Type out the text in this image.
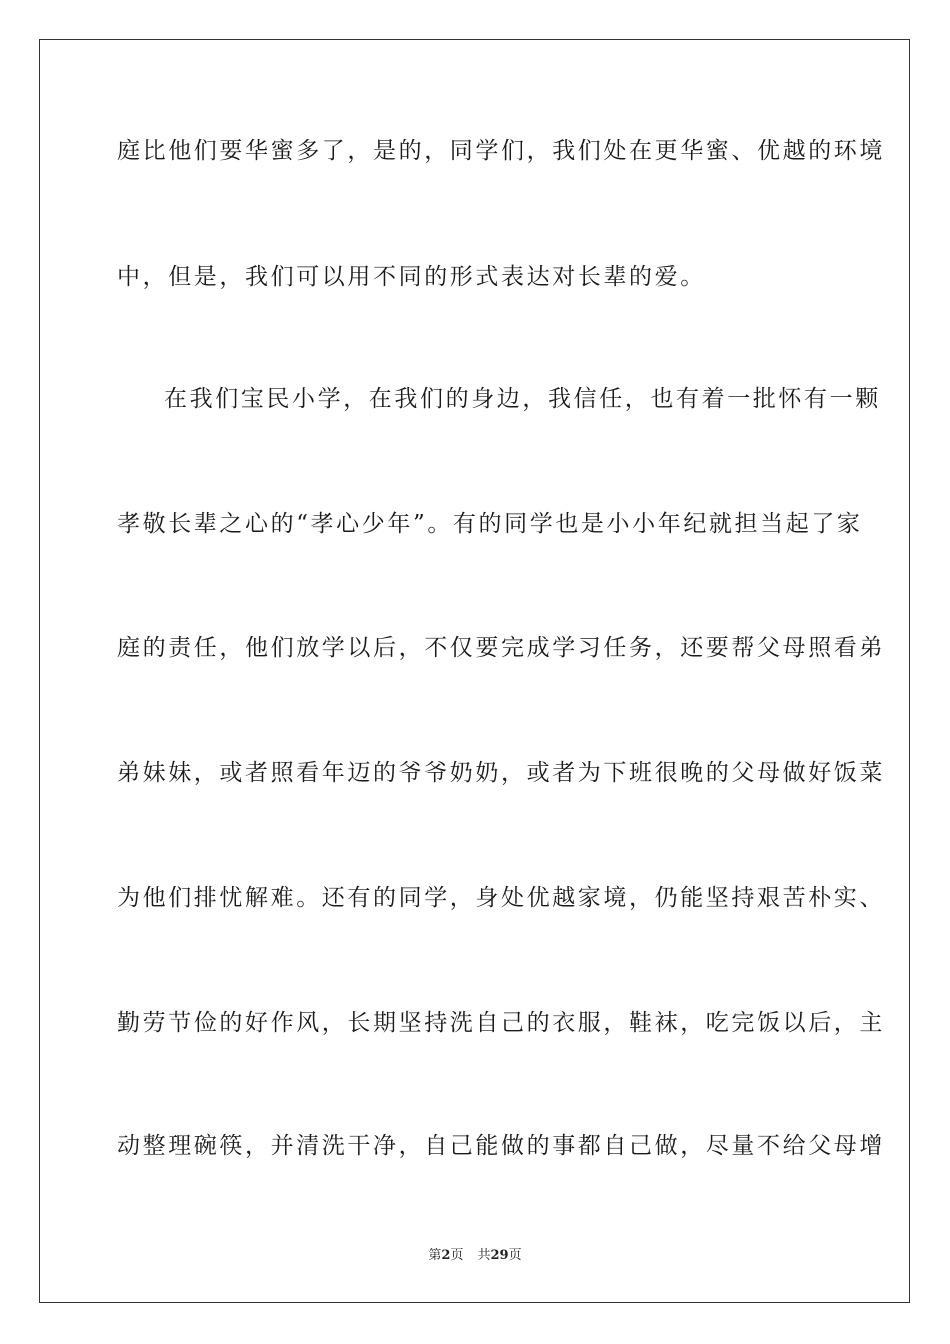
庭比他们要华蜜多了，是的，同学们，我们处在更华蜜、优越的环境
中，但是，我们可以用不同的形式表达对长辈的爱。
在我们宝民小学，在我们的身边，我信任，也有着一批怀有一颗
孝敬长辈之心的“孝心少年”。有的同学也是小小年纪就担当起了家
庭的责任，他们放学以后，不仅要完成学习任务，还要帮父母照看弟
弟妹妹，或者照看年迈的爷爷奶奶，或者为下班很晚的父母做好饭菜
为他们排忧解难。还有的同学，身处优越家境，仍能坚持艰苦朴实、
勤劳节俭的好作风，长期坚持洗自己的衣服，鞋袜，吃完饭以后，主
动整理碗筷，并清洗干净，自己能做的事都自己做，尽量不给父母增
第2页 共29页
